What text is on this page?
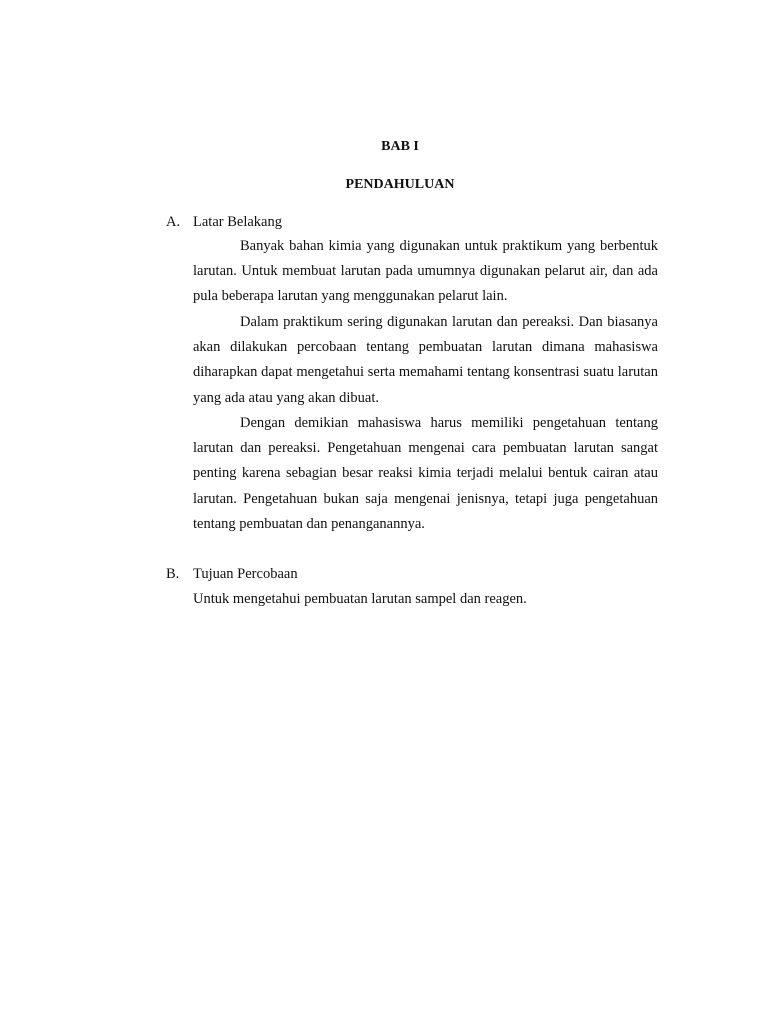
BAB I
PENDAHULUAN
A. Latar Belakang

Banyak bahan kimia yang digunakan untuk praktikum yang berbentuk larutan. Untuk membuat larutan pada umumnya digunakan pelarut air, dan ada pula beberapa larutan yang menggunakan pelarut lain.

Dalam praktikum sering digunakan larutan dan pereaksi. Dan biasanya akan dilakukan percobaan tentang pembuatan larutan dimana mahasiswa diharapkan dapat mengetahui serta memahami tentang konsentrasi suatu larutan yang ada atau yang akan dibuat.

Dengan demikian mahasiswa harus memiliki pengetahuan tentang larutan dan pereaksi. Pengetahuan mengenai cara pembuatan larutan sangat penting karena sebagian besar reaksi kimia terjadi melalui bentuk cairan atau larutan. Pengetahuan bukan saja mengenai jenisnya, tetapi juga pengetahuan tentang pembuatan dan penanganannya.

B. Tujuan Percobaan
Untuk mengetahui pembuatan larutan sampel dan reagen.
